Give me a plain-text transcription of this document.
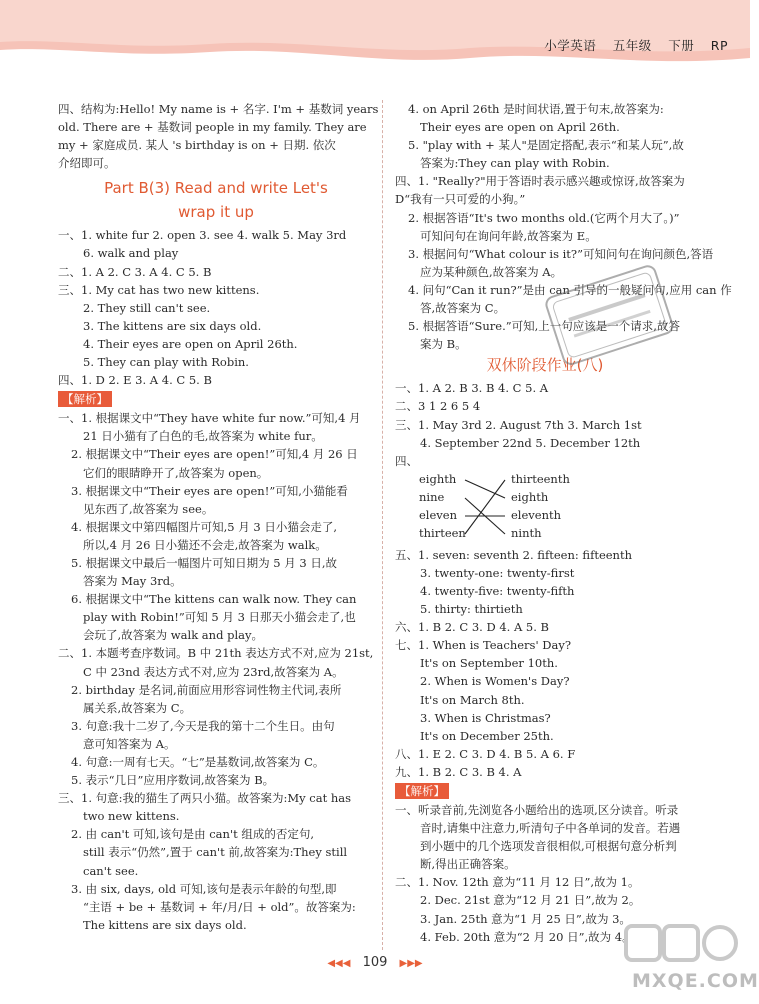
小学英语 五年级 下册 RP
四、结构为:Hello! My name is + 名字. I'm + 基数词 years
old. There are + 基数词 people in my family. They are
my + 家庭成员. 某人 's birthday is on + 日期. 依次
介绍即可。
Part B(3) Read and write Let's
wrap it up
一、1. white fur 2. open 3. see 4. walk 5. May 3rd
6. walk and play
二、1. A 2. C 3. A 4. C 5. B
三、1. My cat has two new kittens.
2. They still can't see.
3. The kittens are six days old.
4. Their eyes are open on April 26th.
5. They can play with Robin.
四、1. D 2. E 3. A 4. C 5. B
【解析】
一、1. 根据课文中“They have white fur now.”可知,4 月
21 日小猫有了白色的毛,故答案为 white fur。
2. 根据课文中“Their eyes are open!”可知,4 月 26 日
它们的眼睛睁开了,故答案为 open。
3. 根据课文中“Their eyes are open!”可知,小猫能看
见东西了,故答案为 see。
4. 根据课文中第四幅图片可知,5 月 3 日小猫会走了,
所以,4 月 26 日小猫还不会走,故答案为 walk。
5. 根据课文中最后一幅图片可知日期为 5 月 3 日,故
答案为 May 3rd。
6. 根据课文中“The kittens can walk now. They can
play with Robin!”可知 5 月 3 日那天小猫会走了,也
会玩了,故答案为 walk and play。
二、1. 本题考查序数词。B 中 21th 表达方式不对,应为 21st,
C 中 23nd 表达方式不对,应为 23rd,故答案为 A。
2. birthday 是名词,前面应用形容词性物主代词,表所
属关系,故答案为 C。
3. 句意:我十二岁了,今天是我的第十二个生日。由句
意可知答案为 A。
4. 句意:一周有七天。“七”是基数词,故答案为 C。
5. 表示“几日”应用序数词,故答案为 B。
三、1. 句意:我的猫生了两只小猫。故答案为:My cat has
two new kittens.
2. 由 can't 可知,该句是由 can't 组成的否定句,
still 表示“仍然”,置于 can't 前,故答案为:They still
can't see.
3. 由 six, days, old 可知,该句是表示年龄的句型,即
“主语 + be + 基数词 + 年/月/日 + old”。故答案为:
The kittens are six days old.
4. on April 26th 是时间状语,置于句末,故答案为:
Their eyes are open on April 26th.
5. "play with + 某人"是固定搭配,表示“和某人玩”,故
答案为:They can play with Robin.
四、1. "Really?"用于答语时表示感兴趣或惊讶,故答案为
D“我有一只可爱的小狗。”
2. 根据答语“It's two months old.(它两个月大了。)”
可知问句在询问年龄,故答案为 E。
3. 根据问句“What colour is it?”可知问句在询问颜色,答语
应为某种颜色,故答案为 A。
4. 问句“Can it run?”是由 can 引导的一般疑问句,应用 can 作
答,故答案为 C。
5. 根据答语“Sure.”可知,上一句应该是一个请求,故答
案为 B。
双休阶段作业(八)
一、1. A 2. B 3. B 4. C 5. A
二、3 1 2 6 5 4
三、1. May 3rd 2. August 7th 3. March 1st
4. September 22nd 5. December 12th
四、
eighth
nine
eleven
thirteen
thirteenth
eighth
eleventh
ninth
五、1. seven: seventh 2. fifteen: fifteenth
3. twenty-one: twenty-first
4. twenty-five: twenty-fifth
5. thirty: thirtieth
六、1. B 2. C 3. D 4. A 5. B
七、1. When is Teachers' Day?
It's on September 10th.
2. When is Women's Day?
It's on March 8th.
3. When is Christmas?
It's on December 25th.
八、1. E 2. C 3. D 4. B 5. A 6. F
九、1. B 2. C 3. B 4. A
【解析】
一、听录音前,先浏览各小题给出的选项,区分读音。听录
音时,请集中注意力,听清句子中各单词的发音。若遇
到小题中的几个选项发音很相似,可根据句意分析判
断,得出正确答案。
二、1. Nov. 12th 意为“11 月 12 日”,故为 1。
2. Dec. 21st 意为“12 月 21 日”,故为 2。
3. Jan. 25th 意为“1 月 25 日”,故为 3。
4. Feb. 20th 意为“2 月 20 日”,故为 4。
◀◀◀ 109 ▶▶▶
MXQE.COM
